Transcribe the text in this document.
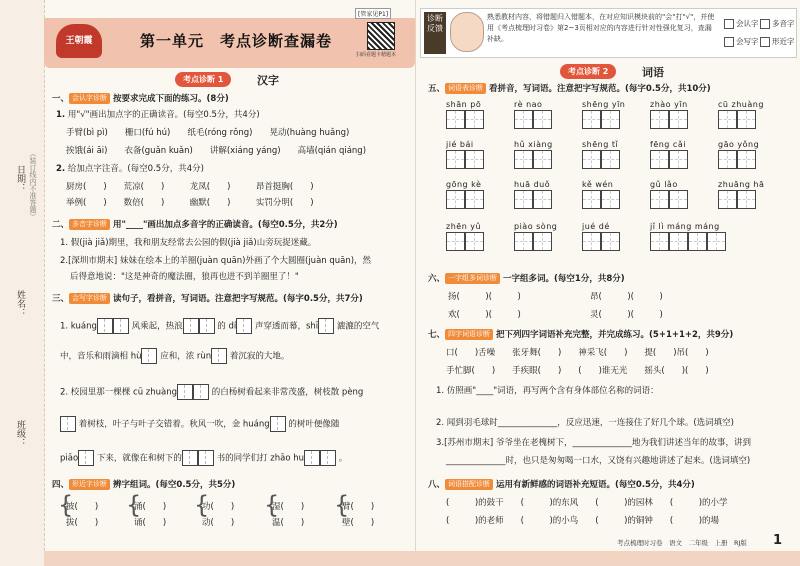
日期： （装订线内不准答题）
姓名：
班级：
王朝霞	第一单元　考点诊断查漏卷
[管家见P1]
扫码看题卡精题本
考点诊断 1	汉字
一、 会认字诊断 按要求完成下面的练习。(8分)
1. 用"√"画出加点字的正确读音。(每空0.5分，共4分)
手臂(bì pì)　　栅口(fú hú)　　纸毛(róng rǒng)　　晃动(huàng huǎng)
挨饿(ái āi)　　衣备(guǎn kuǎn)　　讲解(xiáng yáng)　　高墙(qián qiáng)
2. 给加点字注音。(每空0.5分，共4分)
厨房(　　)　　荒凉(　　)　　　龙凤(　　)　　　昂首挺胸(　　)
举例(　　)　　数倍(　　)　　　幽默(　　)　　　实罚分明(　　)
二、 多音字诊断 用"____"画出加点多音字的正确读音。(每空0.5分，共2分)
1. 假(jià jiǎ)期里，我和朋友经常去公园的假(jià jiǎ)山旁玩捉迷藏。
2.[深圳市期末] 妹妹在绘本上的羊圈(juàn quān)外画了个大圆圈(juàn quān)，然
后得意地说："这是神奇的魔法圈，狼再也进不到羊圈里了！"
三、 会写字诊断 读句子，看拼音，写词语。注意把字写规范。(每字0.5分，共7分)
1. kuáng	风乘起，热浪	的 dí 声穿透而幕，shī 漉漉的空气
中，音乐和雨滴相 hù 应和，浓 rùn 着沉寂的大地。
2. 校园里那一棵棵 cū zhuàng	的白杨树看起来非常茂盛，树枝散 pèng
着树枝，叶子与叶子交错着。秋风一吹，金 huáng 的树叶便像随
piāo 下来，就像在和树下的	书的同学们打 zhāo hu	。
四、 形近字诊断 辨字组词。(每空0.5分，共5分)
披(　　)
拔(　　)
{	涌(　　)
诵(　　)
{	功(　　)
动(　　)
{	湿(　　)
温(　　)
{	臂(　　)
壁(　　)
{
诊断反馈
熟悉教材内容，将错题归入错题本，在对应知识模块前的"会"打"√"，并使用《考点梳理时习卷》第2~3页相对应的内容进行针对性强化复习，查漏补缺。
会认字	多音字
会写字	形近字
考点诊断 2	词语
五、 词语表诊断 看拼音，写词语。注意把字写规范。(每字0.5分，共10分)
shān pō	rè nao	shēng yīn	zhào yīn	cū zhuàng
jié bái	hǔ xiàng	shēng tǐ	fēng cǎi	gāo yǒng
gōng kè	huā duǒ	kě wén	gǔ lǎo	zhuāng hā
zhēn yǔ	piào sòng	jué dé	jǐ lì máng máng
六、 一字组多词诊断 一字组多词。(每空1分，共8分)
扬(　　　)(　　　)	昂(　　　)(　　　)
欢(　　　)(　　　)	灵(　　　)(　　　)
七、 四字词语诊断 把下列四字词语补充完整，并完成练习。(5+1+1+2，共9分)
口(　　)舌噪　　张牙舞(　　)　　神采飞(　　)　　提(　　)吊(　　)
手忙脚(　　)　　手疾眼(　　)　　(　　)谁无光　　摇头(　　)(　　)
1. 仿照画"____"词语，再写两个含有身体部位名称的词语：
2. 闻到羽毛球时______________，反应迅速，一连接住了好几个球。(选词填空)
3.[苏州市期末] 爷爷坐在老槐树下，______________地为我们讲述当年的故事，讲到
______________时，也只是匆匆喝一口水，又饶有兴趣地讲述了起来。(选词填空)
八、 词语搭配诊断 运用有新鲜感的词语补充短语。(每空0.5分，共4分)
(　　　)的鼓干　　(　　　)的东风　　(　　　)的园林　　(　　　)的小学
(　　　)的老师　　(　　　)的小鸟　　(　　　)的铜钟　　(　　　)的場
考点梳理时习卷　语文　二年级　上册　RJ版 1
